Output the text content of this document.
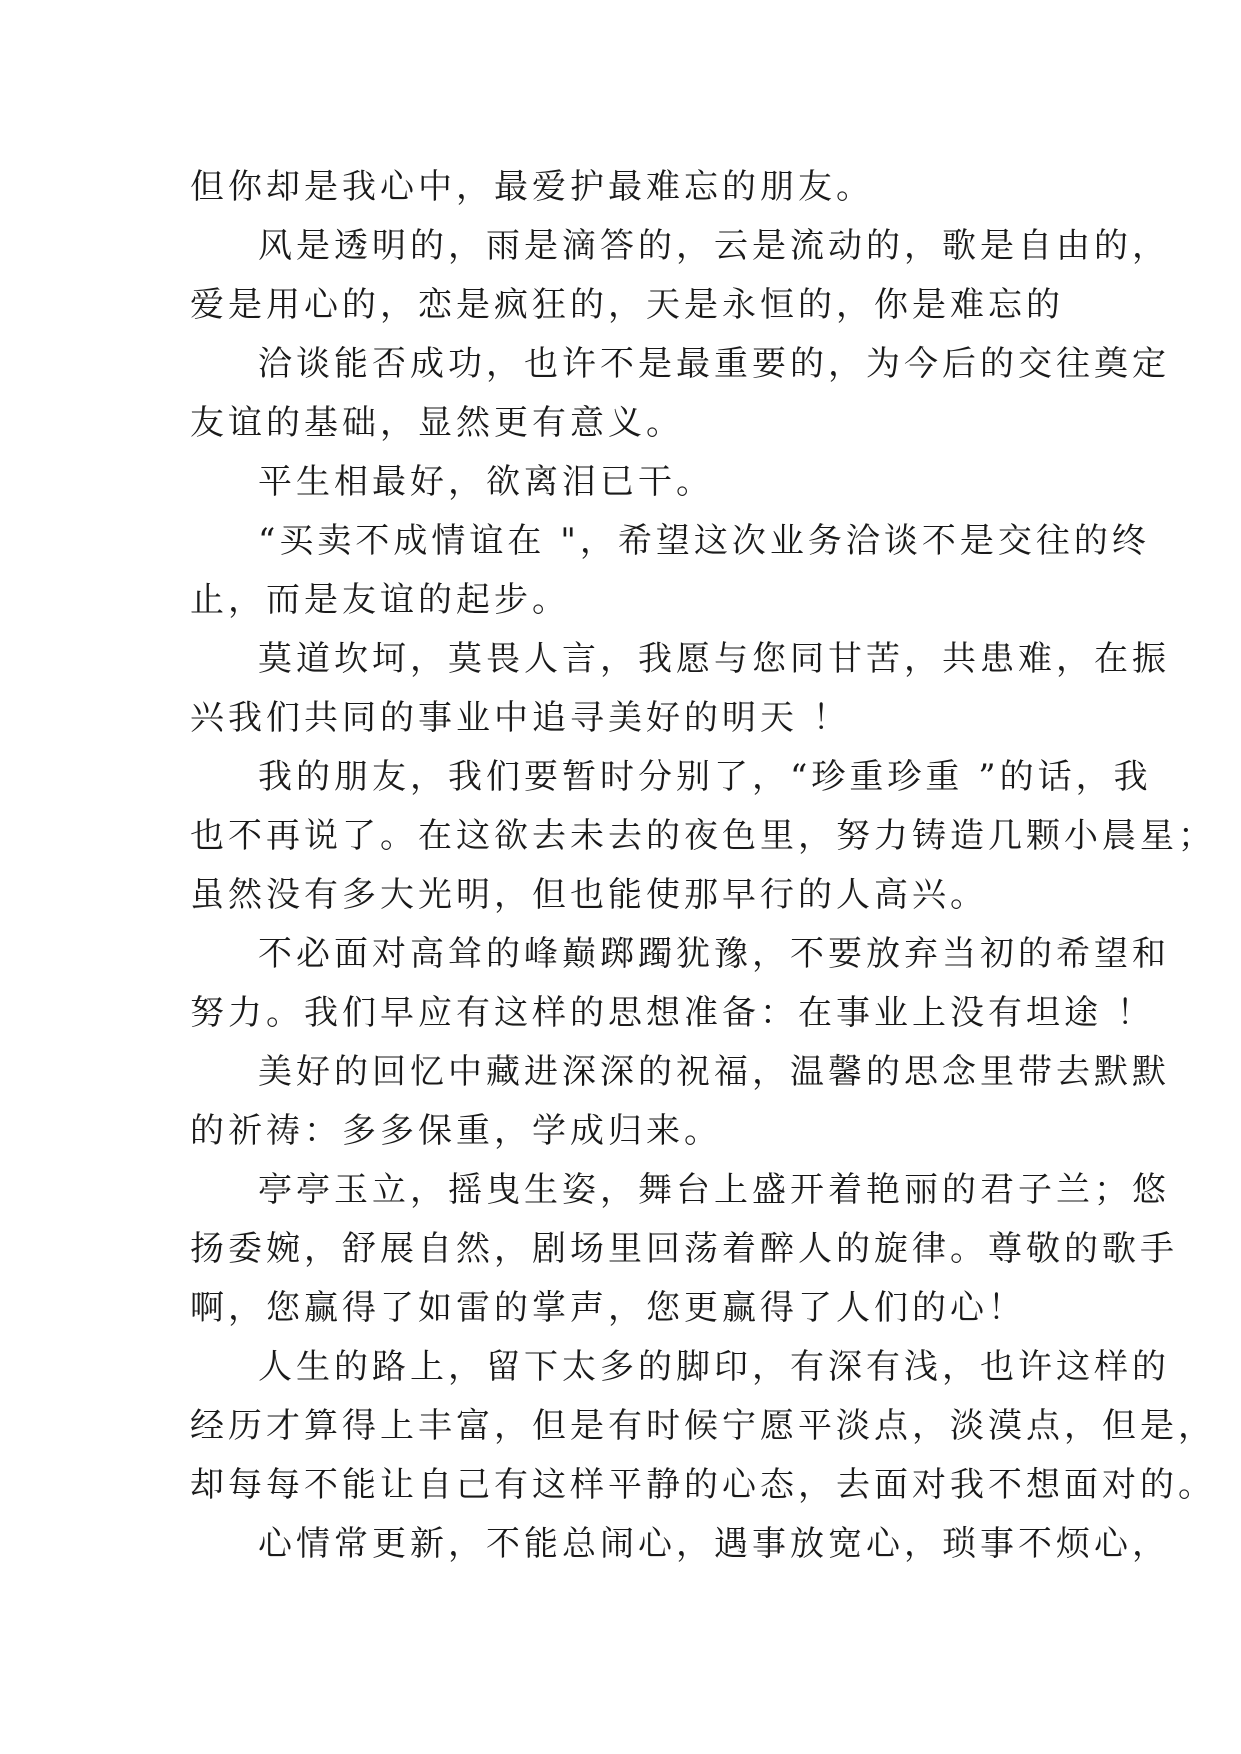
但你却是我心中，最爱护最难忘的朋友。
风是透明的，雨是滴答的，云是流动的，歌是自由的，
爱是用心的，恋是疯狂的，天是永恒的，你是难忘的
洽谈能否成功，也许不是最重要的，为今后的交往奠定
友谊的基础，显然更有意义。
平生相最好，欲离泪已干。
“买卖不成情谊在 "，希望这次业务洽谈不是交往的终
止，而是友谊的起步。
莫道坎坷，莫畏人言，我愿与您同甘苦，共患难，在振
兴我们共同的事业中追寻美好的明天 ！
我的朋友，我们要暂时分别了，“珍重珍重 ”的话，我
也不再说了。在这欲去未去的夜色里，努力铸造几颗小晨星；
虽然没有多大光明，但也能使那早行的人高兴。
不必面对高耸的峰巅踯躅犹豫，不要放弃当初的希望和
努力。我们早应有这样的思想准备：在事业上没有坦途 ！
美好的回忆中藏进深深的祝福，温馨的思念里带去默默
的祈祷：多多保重，学成归来。
亭亭玉立，摇曳生姿，舞台上盛开着艳丽的君子兰；悠
扬委婉，舒展自然，剧场里回荡着醉人的旋律。尊敬的歌手
啊，您赢得了如雷的掌声，您更赢得了人们的心！
人生的路上，留下太多的脚印，有深有浅，也许这样的
经历才算得上丰富，但是有时候宁愿平淡点，淡漠点，但是，
却每每不能让自己有这样平静的心态，去面对我不想面对的。
心情常更新，不能总闹心，遇事放宽心，琐事不烦心，
